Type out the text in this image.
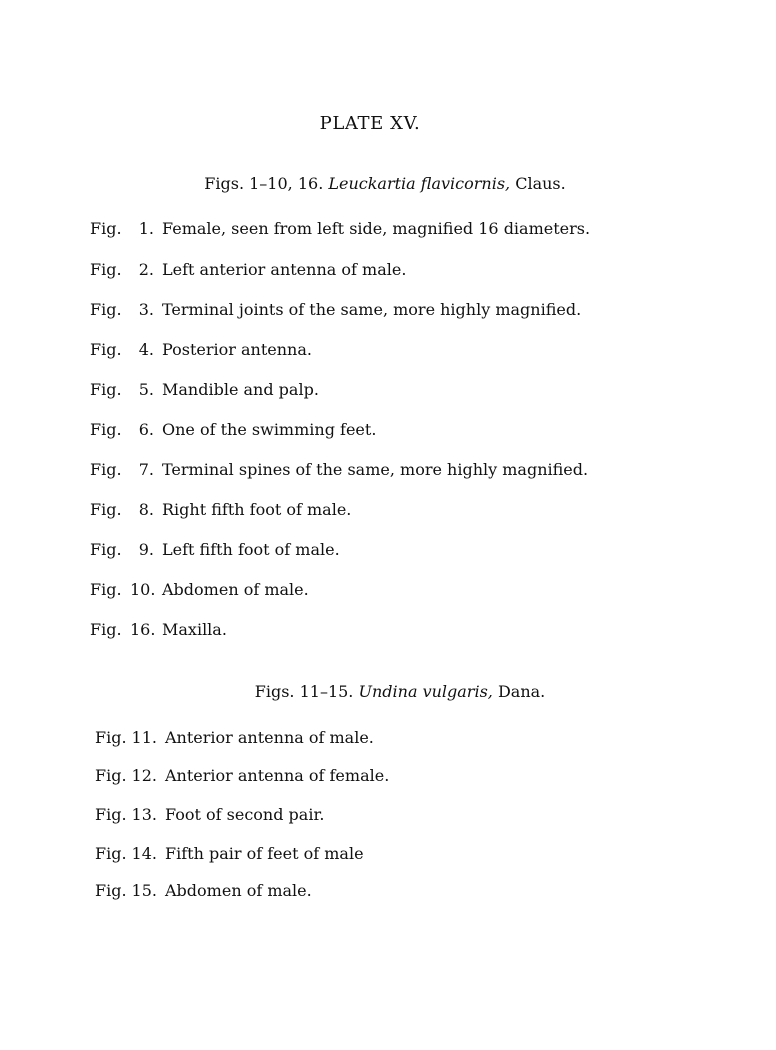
PLATE XV.
Figs. 1–10, 16. Leuckartia flavicornis, Claus.
Fig.	1. Female, seen from left side, magnified 16 diameters.
Fig.	2. Left anterior antenna of male.
Fig.	3. Terminal joints of the same, more highly magnified.
Fig.	4. Posterior antenna.
Fig.	5. Mandible and palp.
Fig.	6. One of the swimming feet.
Fig.	7. Terminal spines of the same, more highly magnified.
Fig.	8. Right fifth foot of male.
Fig.	9. Left fifth foot of male.
Fig. 10. Abdomen of male.
Fig. 16. Maxilla.
Figs. 11–15. Undina vulgaris, Dana.
Fig. 11. Anterior antenna of male.
Fig. 12. Anterior antenna of female.
Fig. 13. Foot of second pair.
Fig. 14. Fifth pair of feet of male
Fig. 15. Abdomen of male.
